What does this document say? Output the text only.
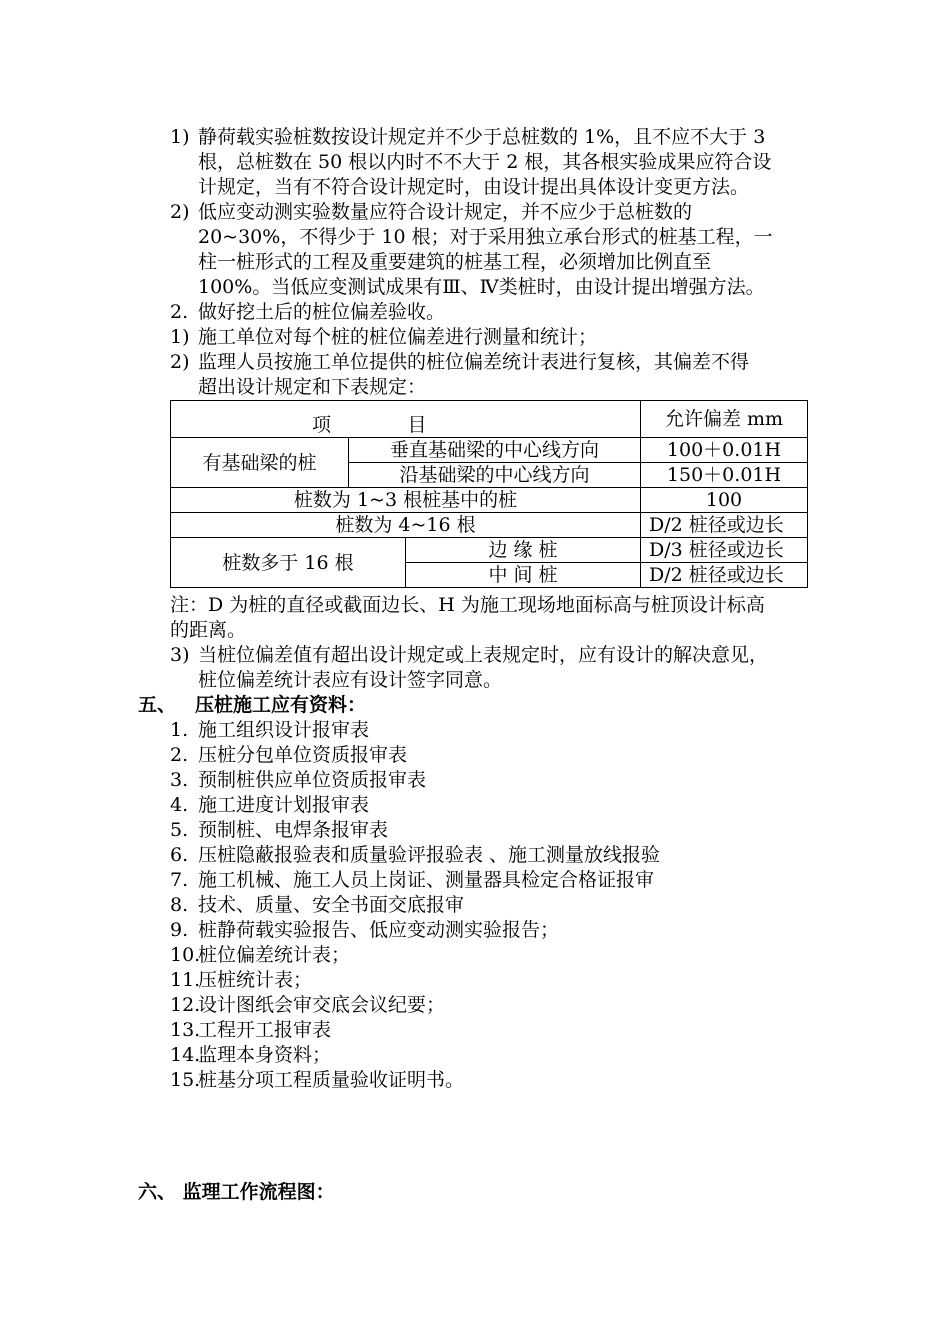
1) 静荷载实验桩数按设计规定并不少于总桩数的 1%，且不应不大于 3
根，总桩数在 50 根以内时不不大于 2 根，其各根实验成果应符合设
计规定，当有不符合设计规定时，由设计提出具体设计变更方法。
2) 低应变动测实验数量应符合设计规定，并不应少于总桩数的
20~30%，不得少于 10 根；对于采用独立承台形式的桩基工程，一
柱一桩形式的工程及重要建筑的桩基工程，必须增加比例直至
100%。当低应变测试成果有Ⅲ、Ⅳ类桩时，由设计提出增强方法。
2. 做好挖土后的桩位偏差验收。
1) 施工单位对每个桩的桩位偏差进行测量和统计；
2) 监理人员按施工单位提供的桩位偏差统计表进行复核，其偏差不得
超出设计规定和下表规定：
项 目			允许偏差 mm
有基础梁的桩	垂直基础梁的中心线方向		100＋0.01H
	沿基础梁的中心线方向		150＋0.01H
桩数为 1~3 根桩基中的桩			100
桩数为 4~16 根			D/2 桩径或边长
桩数多于 16 根		边 缘 桩	D/3 桩径或边长
		中 间 桩	D/2 桩径或边长
注：D 为桩的直径或截面边长、H 为施工现场地面标高与桩顶设计标高
的距离。
3) 当桩位偏差值有超出设计规定或上表规定时，应有设计的解决意见，
桩位偏差统计表应有设计签字同意。
五、 压桩施工应有资料：
1. 施工组织设计报审表
2. 压桩分包单位资质报审表
3. 预制桩供应单位资质报审表
4. 施工进度计划报审表
5. 预制桩、电焊条报审表
6. 压桩隐蔽报验表和质量验评报验表 、施工测量放线报验
7. 施工机械、施工人员上岗证、测量器具检定合格证报审
8. 技术、质量、安全书面交底报审
9. 桩静荷载实验报告、低应变动测实验报告；
10.
桩位偏差统计表；
11.
压桩统计表；
12.
设计图纸会审交底会议纪要；
13.
工程开工报审表
14.
监理本身资料；
15.
桩基分项工程质量验收证明书。
六、 监理工作流程图：
